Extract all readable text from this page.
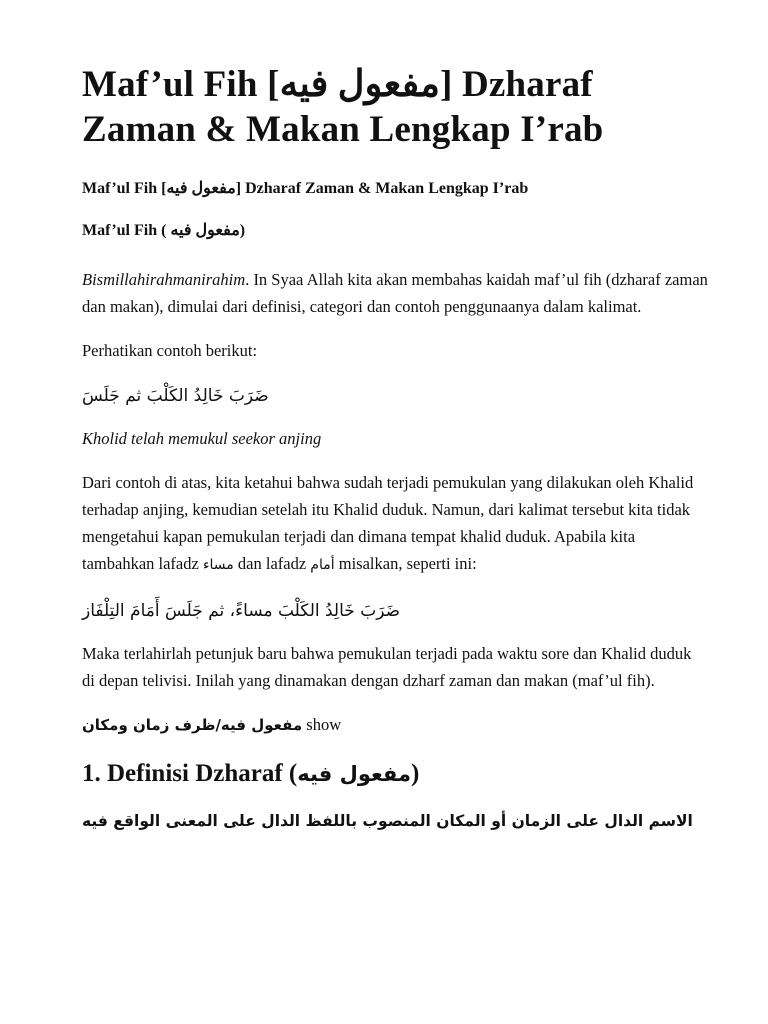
Maf’ul Fih [مفعول فيه] Dzharaf Zaman & Makan Lengkap I’rab
Maf’ul Fih [مفعول فيه] Dzharaf Zaman & Makan Lengkap I’rab
Maf’ul Fih ( مفعول فيه)

Bismillahirahmanirahim. In Syaa Allah kita akan membahas kaidah maf’ul fih (dzharaf zaman dan makan), dimulai dari definisi, categori dan contoh penggunaanya dalam kalimat.

Perhatikan contoh berikut:

ضَرَبَ خَالِدُ الكَلْبَ ثم جَلَسَ

Kholid telah memukul seekor anjing

Dari contoh di atas, kita ketahui bahwa sudah terjadi pemukulan yang dilakukan oleh Khalid terhadap anjing, kemudian setelah itu Khalid duduk. Namun, dari kalimat tersebut kita tidak mengetahui kapan pemukulan terjadi dan dimana tempat khalid duduk. Apabila kita tambahkan lafadz مساء dan lafadz أمام misalkan, seperti ini:

ضَرَبَ خَالِدُ الكَلْبَ مساءً، ثم جَلَسَ أَمَامَ التِلْفَاز

Maka terlahirlah petunjuk baru bahwa pemukulan terjadi pada waktu sore dan Khalid duduk di depan telivisi. Inilah yang dinamakan dengan dzharf zaman dan makan (maf’ul fih).

مفعول فيه/ظرف زمان ومكان show
1. Definisi Dzharaf (مفعول فيه)
الاسم الدال على الزمان أو المكان المنصوب باللفظ الدال على المعنى الواقع فيه
